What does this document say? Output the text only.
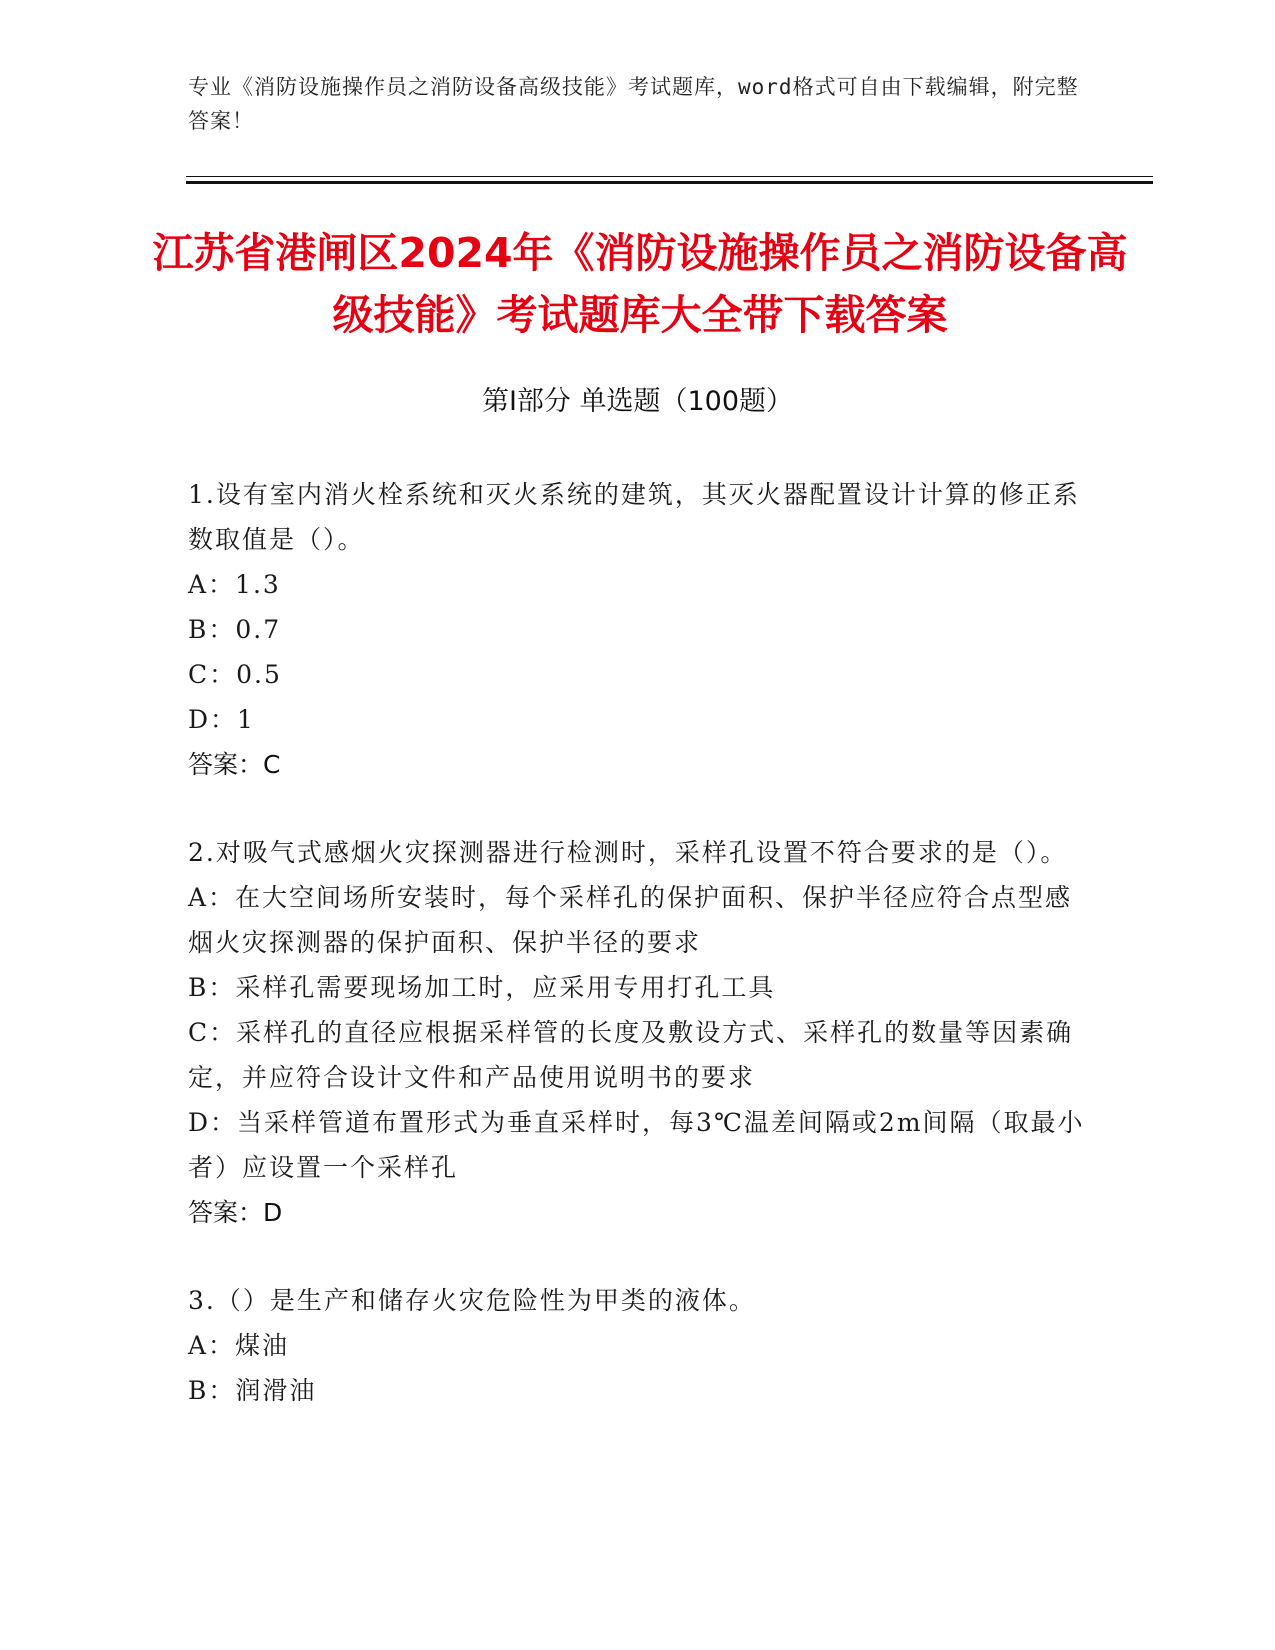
专业《消防设施操作员之消防设备高级技能》考试题库，word格式可自由下载编辑，附完整答案！
江苏省港闸区2024年《消防设施操作员之消防设备高级技能》考试题库大全带下载答案
第Ⅰ部分 单选题（100题）

1.设有室内消火栓系统和灭火系统的建筑，其灭火器配置设计计算的修正系数取值是（）。

A：1.3

B：0.7

C：0.5

D：1

答案：C

2.对吸气式感烟火灾探测器进行检测时，采样孔设置不符合要求的是（）。

A：在大空间场所安装时，每个采样孔的保护面积、保护半径应符合点型感烟火灾探测器的保护面积、保护半径的要求

B：采样孔需要现场加工时，应采用专用打孔工具

C：采样孔的直径应根据采样管的长度及敷设方式、采样孔的数量等因素确定，并应符合设计文件和产品使用说明书的要求

D：当采样管道布置形式为垂直采样时，每3℃温差间隔或2m间隔（取最小者）应设置一个采样孔

答案：D

3.（）是生产和储存火灾危险性为甲类的液体。

A：煤油

B：润滑油
